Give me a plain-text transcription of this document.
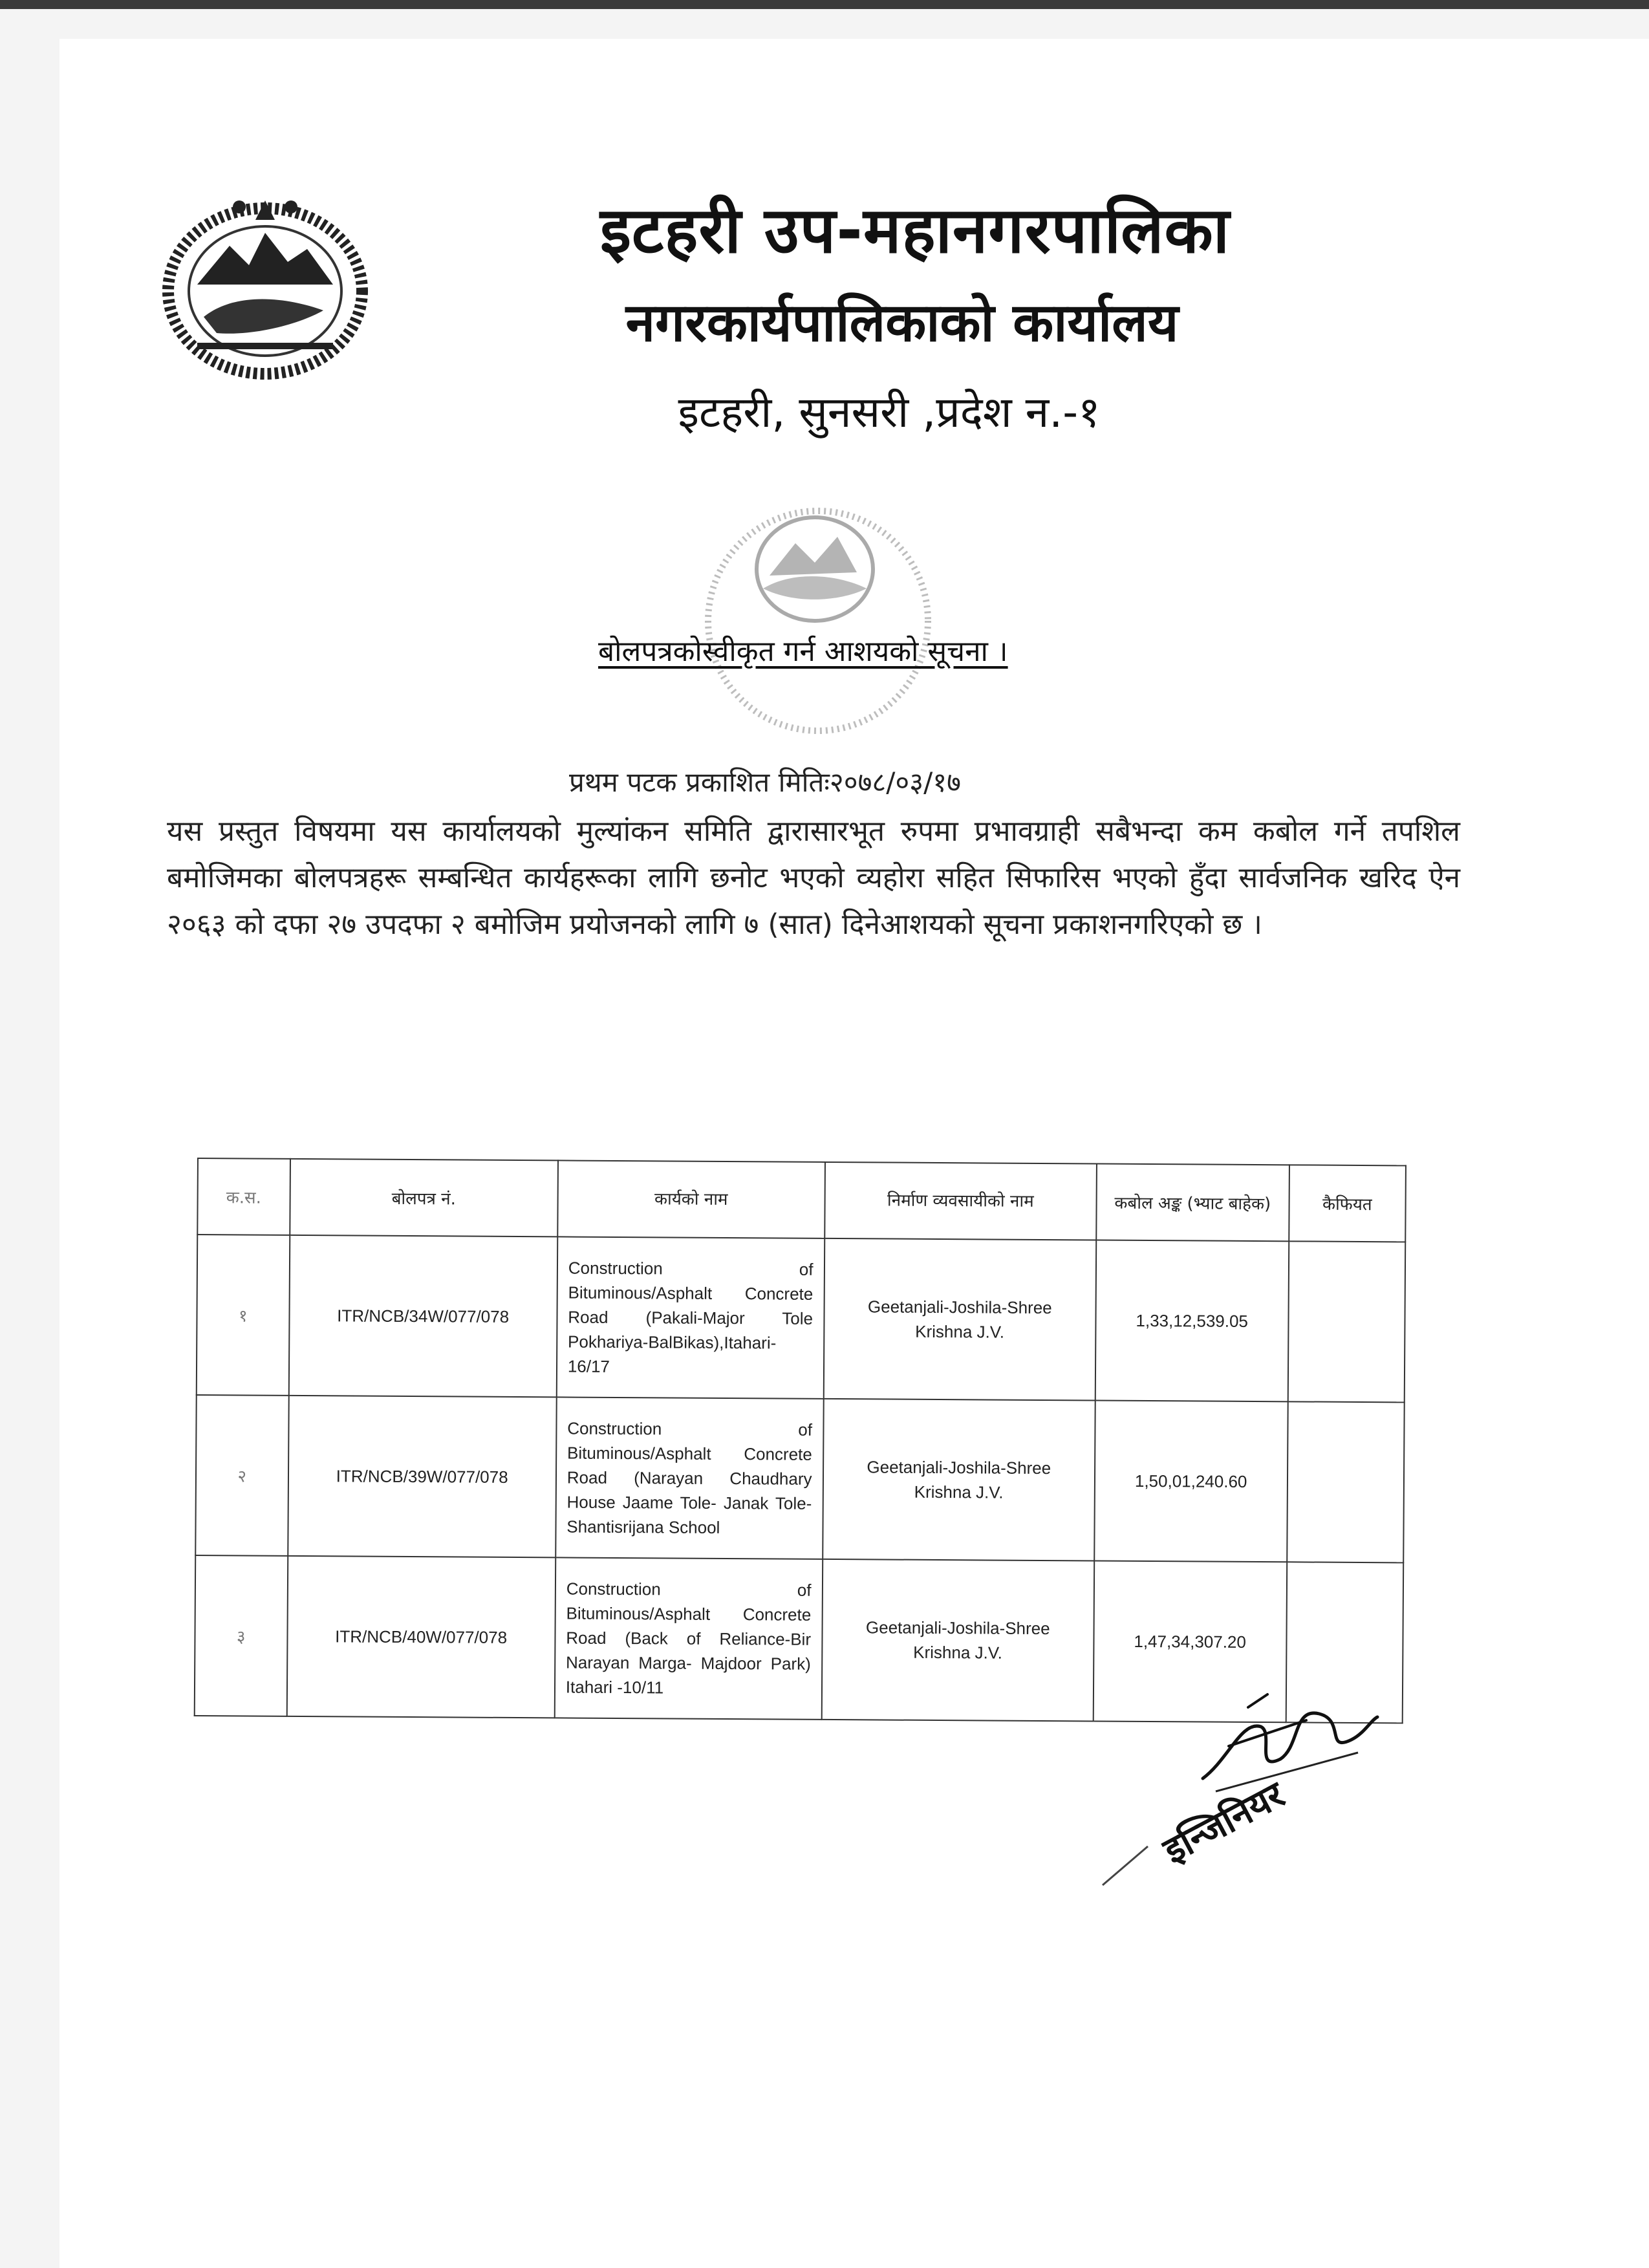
इटहरी उप-महानगरपालिका
नगरकार्यपालिकाको कार्यालय
इटहरी, सुनसरी ,प्रदेश न.-१
बोलपत्रकोस्वीकृत गर्न आशयको सूचना ।
प्रथम पटक प्रकाशित मितिः२०७८/०३/१७
यस प्रस्तुत विषयमा यस कार्यालयको मुल्यांकन समिति द्वारासारभूत रुपमा प्रभावग्राही सबैभन्दा कम कबोल गर्ने तपशिल बमोजिमका बोलपत्रहरू सम्बन्धित कार्यहरूका लागि छनोट भएको व्यहोरा सहित सिफारिस भएको हुँदा सार्वजनिक खरिद ऐन २०६३ को दफा २७ उपदफा २ बमोजिम प्रयोजनको लागि ७ (सात) दिनेआशयको सूचना प्रकाशनगरिएको छ ।
क.स.	बोलपत्र नं.	कार्यको नाम	निर्माण व्यवसायीको नाम	कबोल अङ्क (भ्याट बाहेक)	कैफियत
१	ITR/NCB/34W/077/078	Construction of Bituminous/Asphalt Concrete Road (Pakali-Major Tole Pokhariya-BalBikas),Itahari-16/17	Geetanjali-Joshila-Shree Krishna J.V.	1,33,12,539.05	
२	ITR/NCB/39W/077/078	Construction of Bituminous/Asphalt Concrete Road (Narayan Chaudhary House Jaame Tole- Janak Tole- Shantisrijana School	Geetanjali-Joshila-Shree Krishna J.V.	1,50,01,240.60	
३	ITR/NCB/40W/077/078	Construction of Bituminous/Asphalt Concrete Road (Back of Reliance-Bir Narayan Marga- Majdoor Park) Itahari -10/11	Geetanjali-Joshila-Shree Krishna J.V.	1,47,34,307.20	
इन्जिनियर
